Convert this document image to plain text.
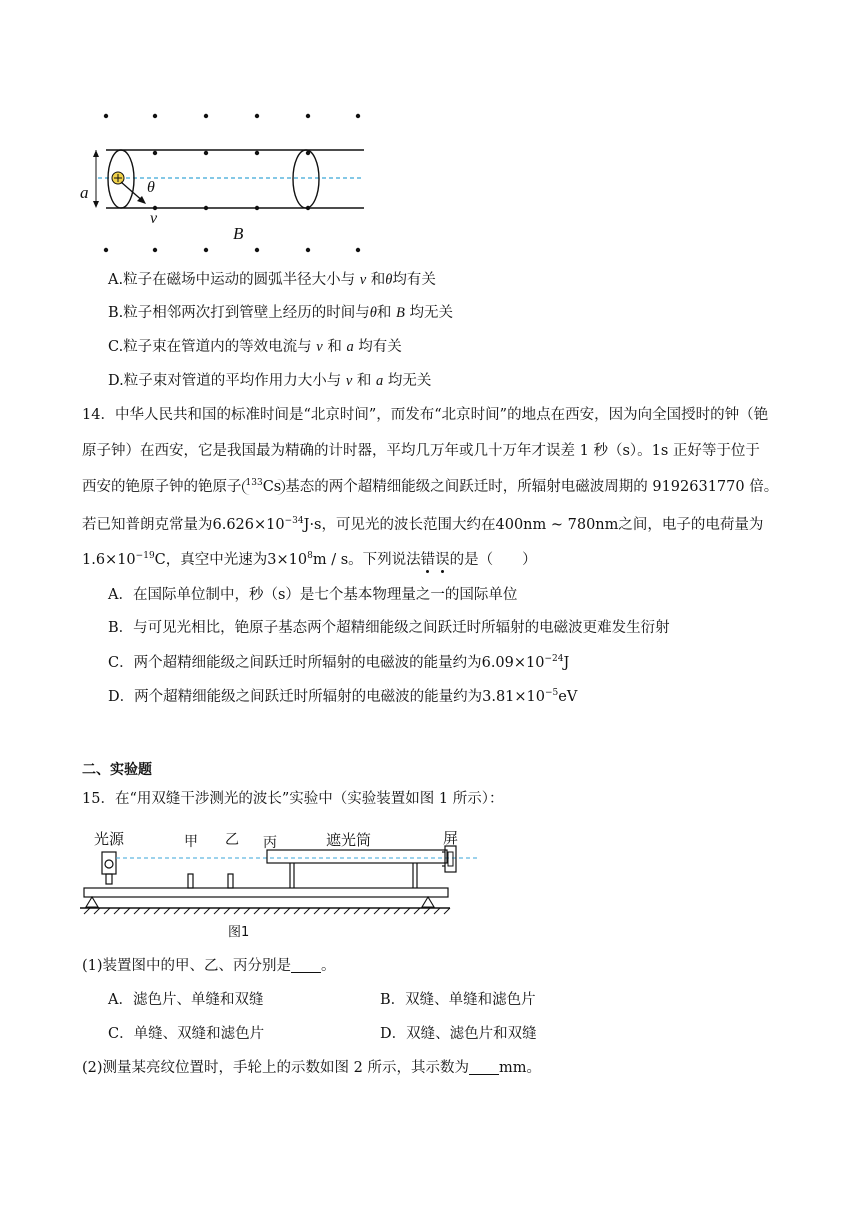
a	θ
v
B
A.粒子在磁场中运动的圆弧半径大小与 v 和θ均有关
B.粒子相邻两次打到管壁上经历的时间与θ和 B 均无关
C.粒子束在管道内的等效电流与 v 和 a 均有关
D.粒子束对管道的平均作用力大小与 v 和 a 均无关
14．中华人民共和国的标准时间是“北京时间”，而发布“北京时间”的地点在西安，因为向全国授时的钟（铯
原子钟）在西安，它是我国最为精确的计时器，平均几万年或几十万年才误差 1 秒（s）。1s 正好等于位于
西安的铯原子钟的铯原子 $^{133}$Cs 基态的两个超精细能级之间跃迁时，所辐射电磁波周期的 9192631770 倍。
若已知普朗克常量为$6.626\times 10^{-34}J\cdot s$，可见光的波长范围大约在400nm ~ 780nm之间，电子的电荷量为
$1.6\times 10^{-19}C$，真空中光速为$3\times 10^8m / s$。下列说法错误的是（　　）
A．在国际单位制中，秒（s）是七个基本物理量之一的国际单位
B．与可见光相比，铯原子基态两个超精细能级之间跃迁时所辐射的电磁波更难发生衍射
C．两个超精细能级之间跃迁时所辐射的电磁波的能量约为$6.09\times 10^{-24}J$
D．两个超精细能级之间跃迁时所辐射的电磁波的能量约为$3.81\times 10^{-5}eV$
二、实验题
15．在“用双缝干涉测光的波长”实验中（实验装置如图 1 所示）：
光源	甲 乙 丙	遮光筒	屏
图1
(1)装置图中的甲、乙、丙分别是 。
A．滤色片、单缝和双缝	B．双缝、单缝和滤色片
C．单缝、双缝和滤色片	D．双缝、滤色片和双缝
(2)测量某亮纹位置时，手轮上的示数如图 2 所示，其示数为 mm。
